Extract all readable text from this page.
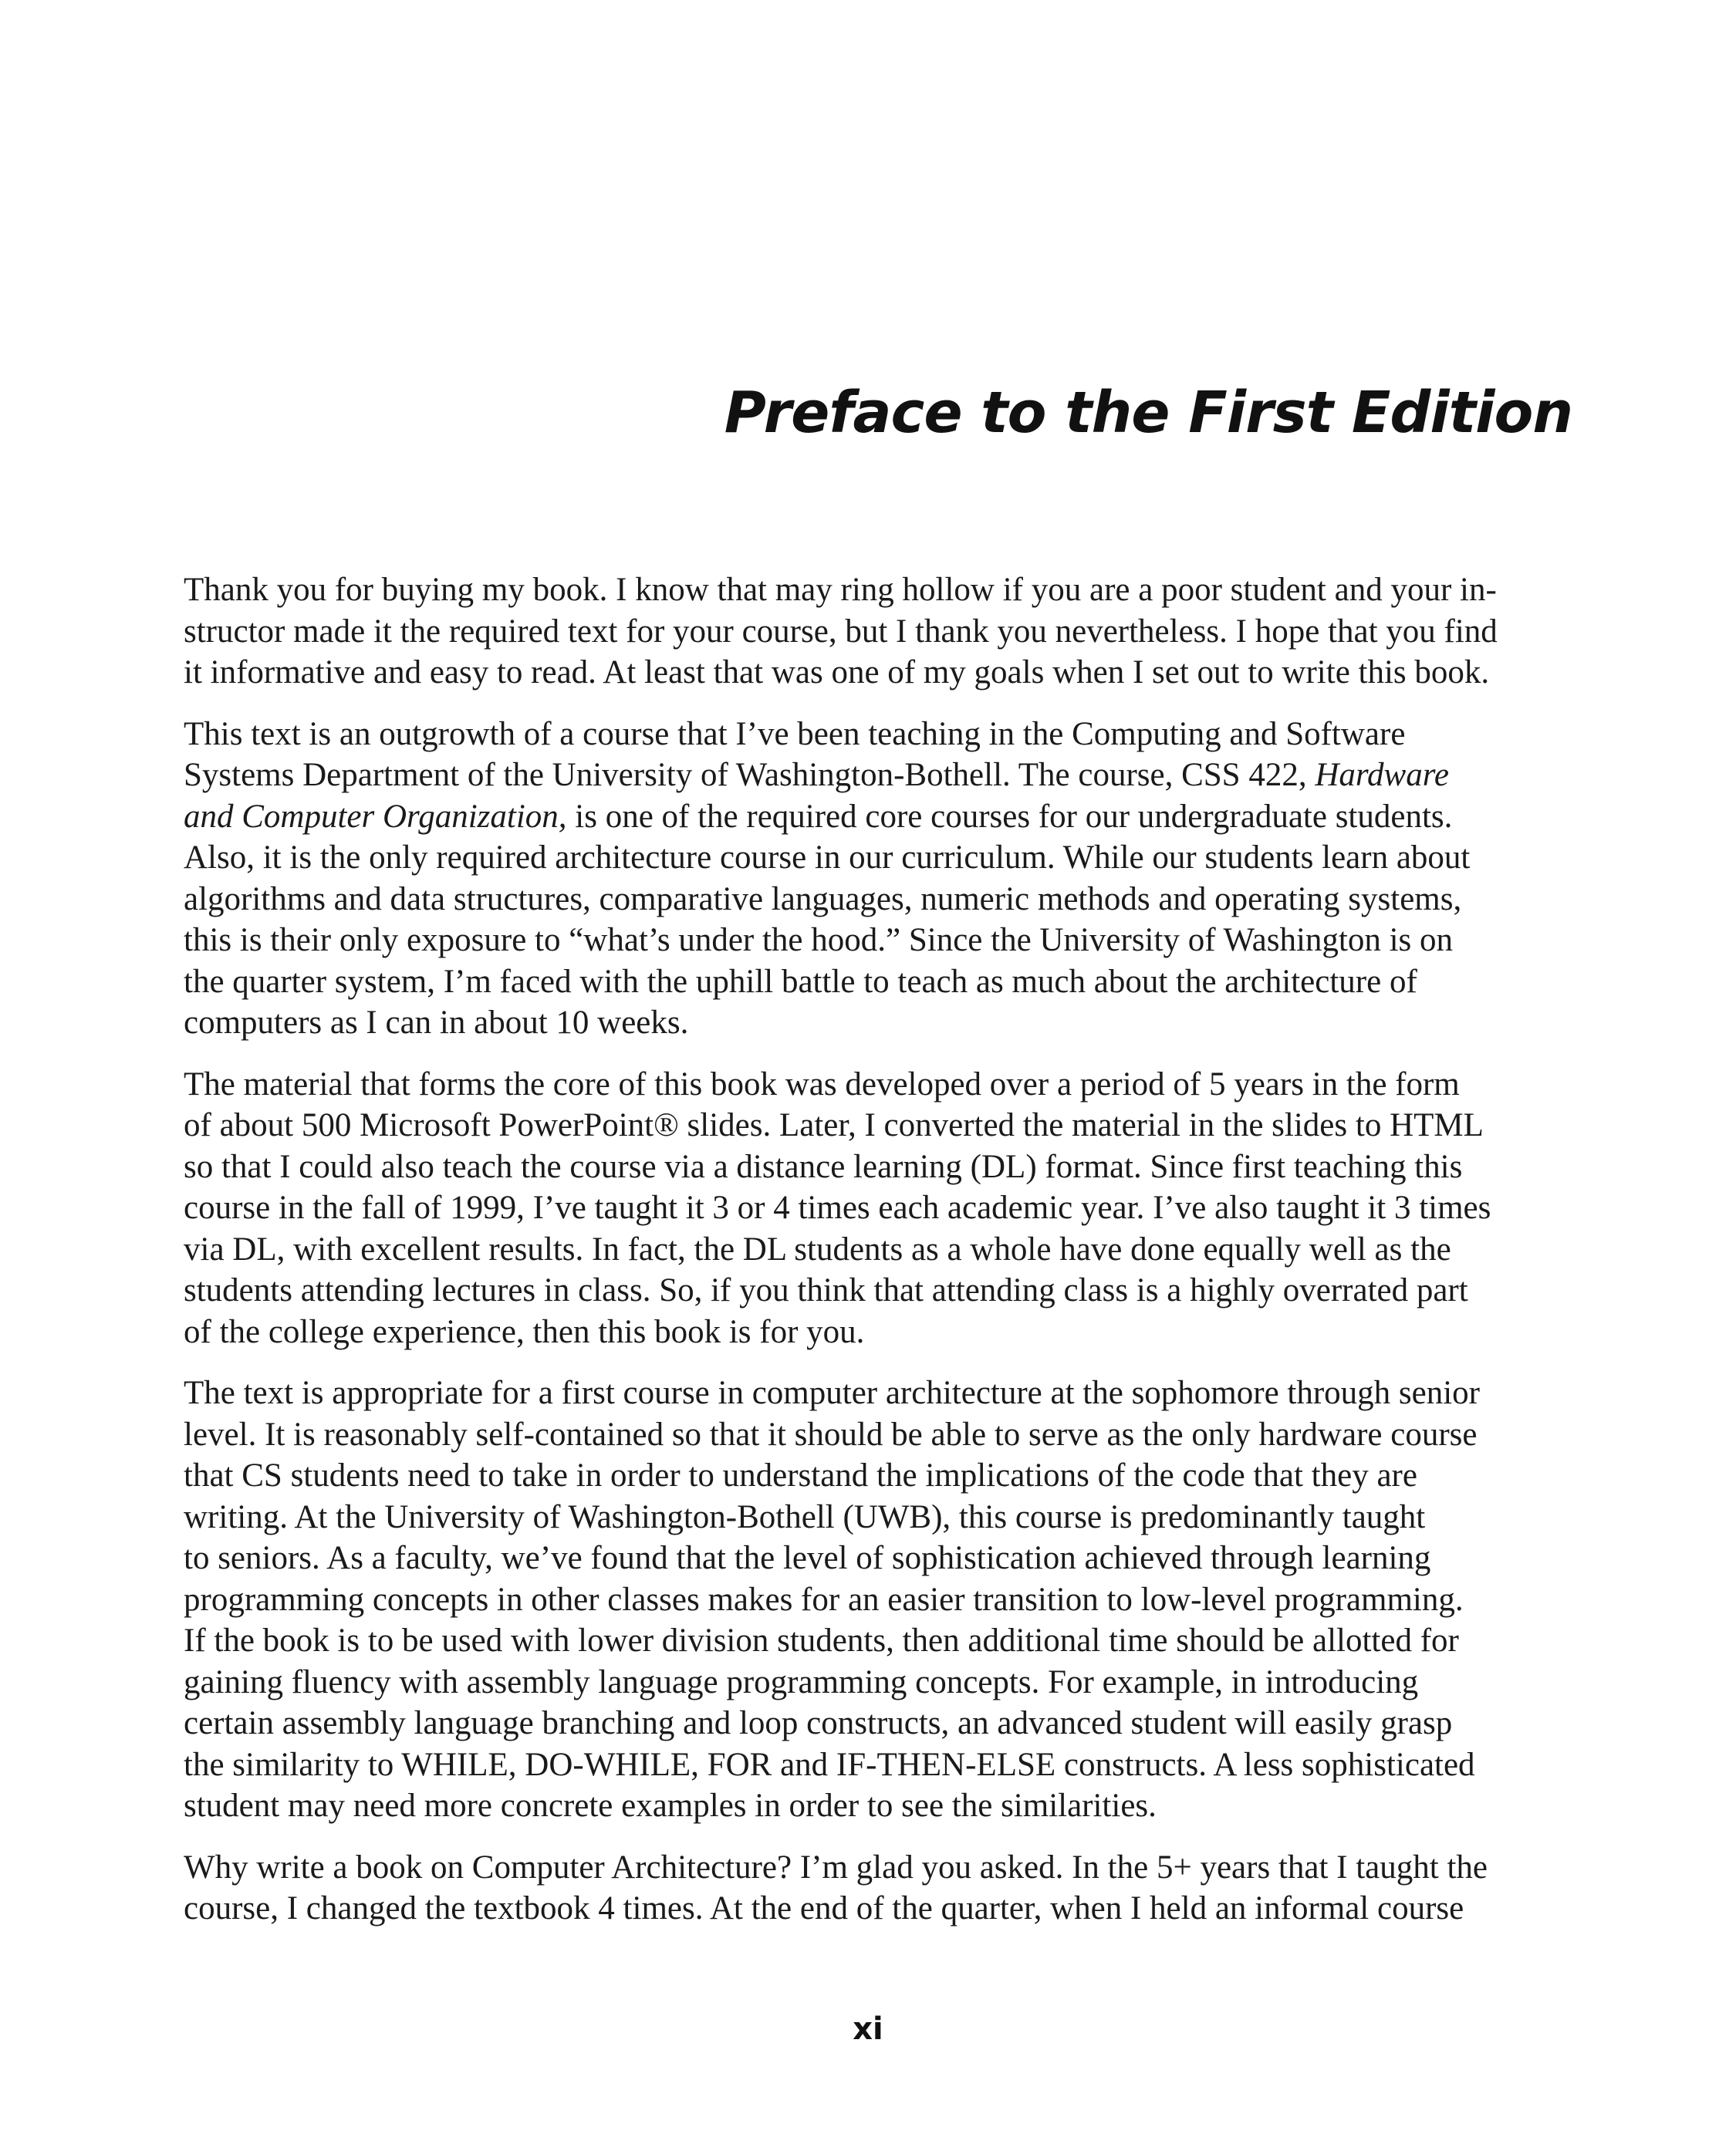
Preface to the First Edition

Thank you for buying my book. I know that may ring hollow if you are a poor student and your in-
structor made it the required text for your course, but I thank you nevertheless. I hope that you find
it informative and easy to read. At least that was one of my goals when I set out to write this book.

This text is an outgrowth of a course that I’ve been teaching in the Computing and Software
Systems Department of the University of Washington-Bothell. The course, CSS 422, Hardware
and Computer Organization, is one of the required core courses for our undergraduate students.
Also, it is the only required architecture course in our curriculum. While our students learn about
algorithms and data structures, comparative languages, numeric methods and operating systems,
this is their only exposure to “what’s under the hood.” Since the University of Washington is on
the quarter system, I’m faced with the uphill battle to teach as much about the architecture of
computers as I can in about 10 weeks.

The material that forms the core of this book was developed over a period of 5 years in the form
of about 500 Microsoft PowerPoint® slides. Later, I converted the material in the slides to HTML
so that I could also teach the course via a distance learning (DL) format. Since first teaching this
course in the fall of 1999, I’ve taught it 3 or 4 times each academic year. I’ve also taught it 3 times
via DL, with excellent results. In fact, the DL students as a whole have done equally well as the
students attending lectures in class. So, if you think that attending class is a highly overrated part
of the college experience, then this book is for you.

The text is appropriate for a first course in computer architecture at the sophomore through senior
level. It is reasonably self-contained so that it should be able to serve as the only hardware course
that CS students need to take in order to understand the implications of the code that they are
writing. At the University of Washington-Bothell (UWB), this course is predominantly taught
to seniors. As a faculty, we’ve found that the level of sophistication achieved through learning
programming concepts in other classes makes for an easier transition to low-level programming.
If the book is to be used with lower division students, then additional time should be allotted for
gaining fluency with assembly language programming concepts. For example, in introducing
certain assembly language branching and loop constructs, an advanced student will easily grasp
the similarity to WHILE, DO-WHILE, FOR and IF-THEN-ELSE constructs. A less sophisticated
student may need more concrete examples in order to see the similarities.

Why write a book on Computer Architecture? I’m glad you asked. In the 5+ years that I taught the
course, I changed the textbook 4 times. At the end of the quarter, when I held an informal course

xi
